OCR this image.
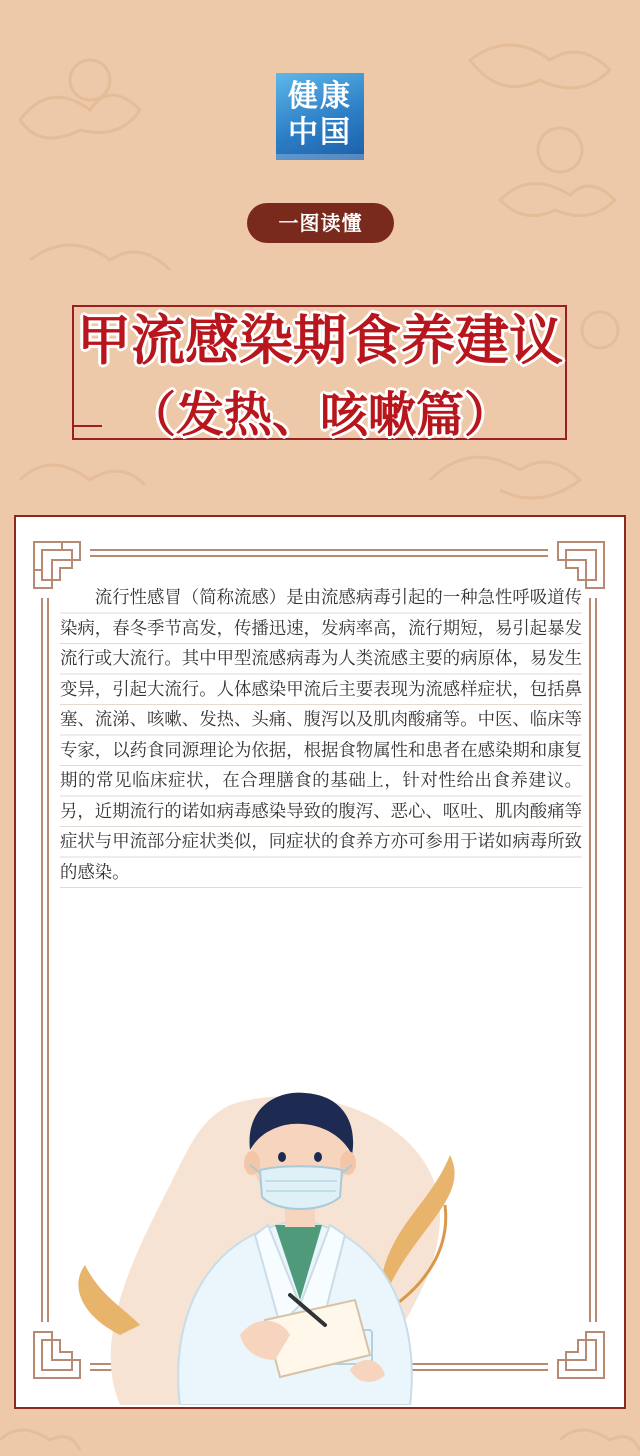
健康
中国
一图读懂
甲流感染期食养建议
（发热、咳嗽篇）

流行性感冒（简称流感）是由流感病毒引起的一种急性呼吸道传染病，春冬季节高发，传播迅速，发病率高，流行期短，易引起暴发流行或大流行。其中甲型流感病毒为人类流感主要的病原体，易发生变异，引起大流行。人体感染甲流后主要表现为流感样症状，包括鼻塞、流涕、咳嗽、发热、头痛、腹泻以及肌肉酸痛等。中医、临床等专家，以药食同源理论为依据，根据食物属性和患者在感染期和康复期的常见临床症状，在合理膳食的基础上，针对性给出食养建议。另，近期流行的诺如病毒感染导致的腹泻、恶心、呕吐、肌肉酸痛等症状与甲流部分症状类似，同症状的食养方亦可参用于诺如病毒所致的感染。
